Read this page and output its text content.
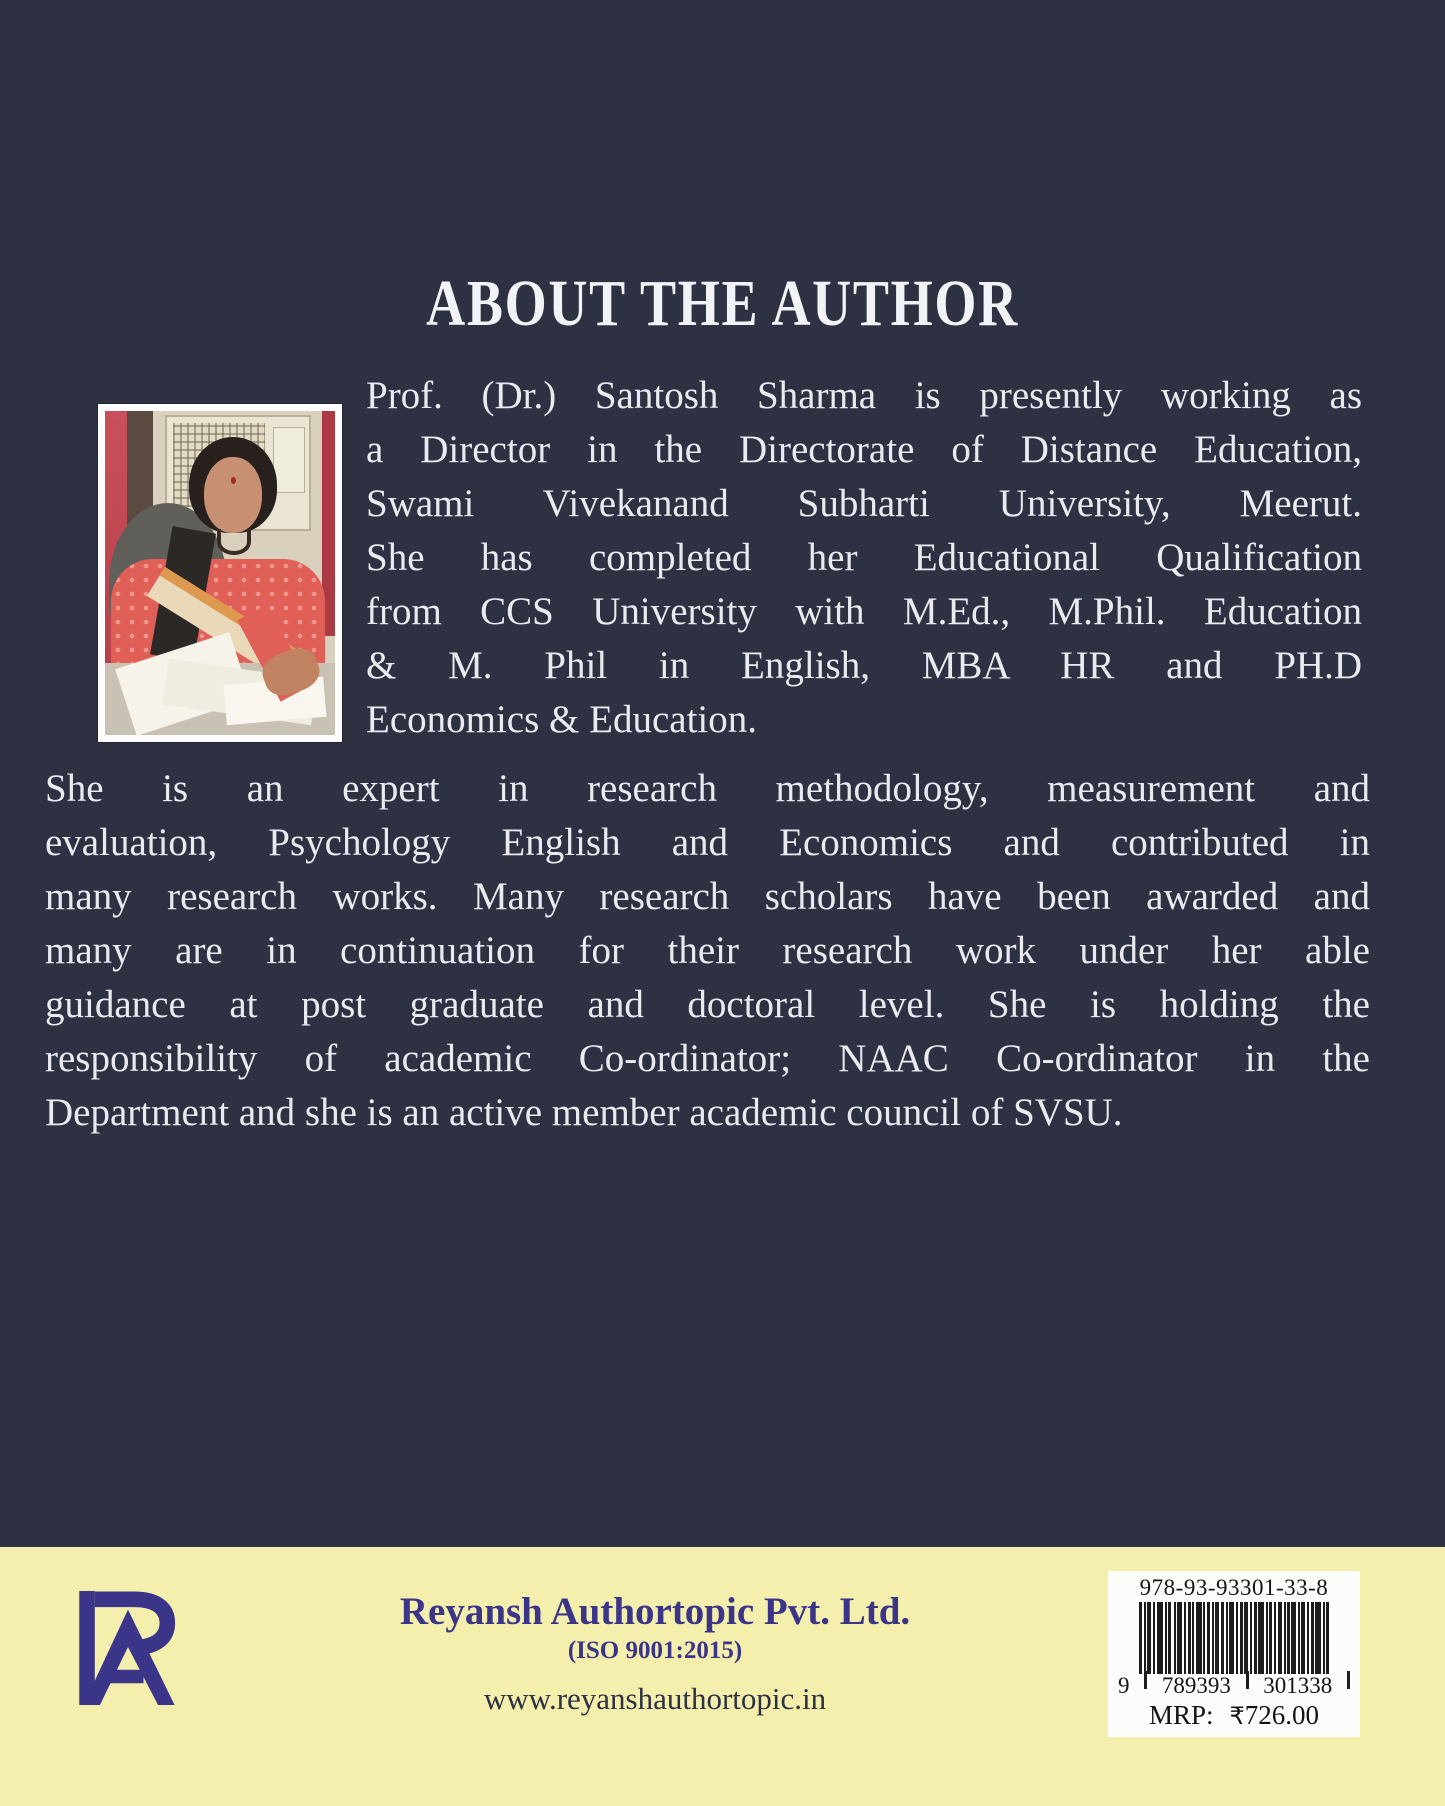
ABOUT THE AUTHOR
Prof. (Dr.) Santosh Sharma is presently working as
a Director in the Directorate of Distance Education,
Swami Vivekanand Subharti University, Meerut.
She has completed her Educational Qualification
from CCS University with M.Ed., M.Phil. Education
& M. Phil in English, MBA HR and PH.D
Economics & Education.
She is an expert in research methodology, measurement and
evaluation, Psychology English and Economics and contributed in
many research works. Many research scholars have been awarded and
many are in continuation for their research work under her able
guidance at post graduate and doctoral level. She is holding the
responsibility of academic Co-ordinator; NAAC Co-ordinator in the
Department and she is an active member academic council of SVSU.
Reyansh Authortopic Pvt. Ltd.
(ISO 9001:2015)
www.reyanshauthortopic.in
978-93-93301-33-8
9 789393 301338
MRP: ₹726.00
